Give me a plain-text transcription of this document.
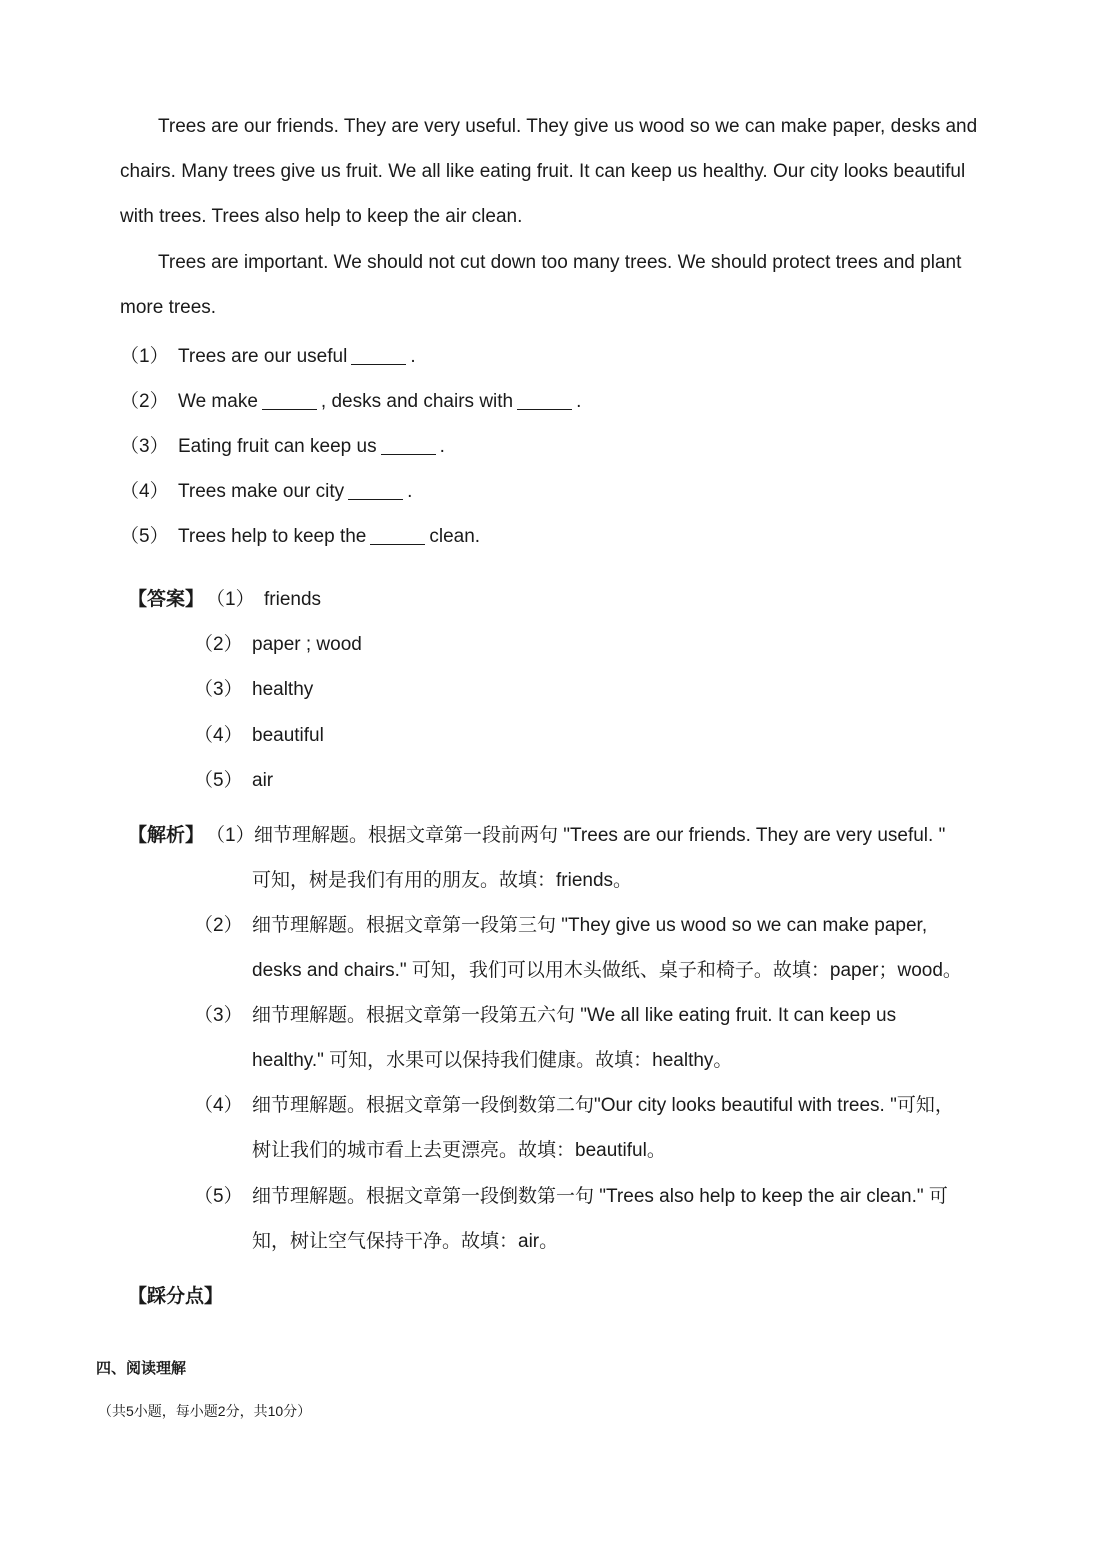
Trees are our friends. They are very useful. They give us wood so we can make paper, desks and
chairs. Many trees give us fruit. We all like eating fruit. It can keep us healthy. Our city looks beautiful
with trees. Trees also help to keep the air clean.
Trees are important. We should not cut down too many trees. We should protect trees and plant
more trees.
（1） Trees are our useful	.
（2） We make	, desks and chairs with	.
（3） Eating fruit can keep us	.
（4） Trees make our city	.
（5） Trees help to keep the	clean.
【答案】 （1） friends
（2） paper ; wood
（3） healthy
（4） beautiful
（5） air
【解析】 （1）细节理解题。根据文章第一段前两句 "Trees are our friends. They are very useful. "
可知，树是我们有用的朋友。故填：friends。
（2） 细节理解题。根据文章第一段第三句 "They give us wood so we can make paper,
desks and chairs." 可知，我们可以用木头做纸、桌子和椅子。故填：paper；wood。
（3） 细节理解题。根据文章第一段第五六句 "We all like eating fruit. It can keep us
healthy." 可知，水果可以保持我们健康。故填：healthy。
（4） 细节理解题。根据文章第一段倒数第二句"Our city looks beautiful with trees. "可知，
树让我们的城市看上去更漂亮。故填：beautiful。
（5） 细节理解题。根据文章第一段倒数第一句 "Trees also help to keep the air clean." 可
知，树让空气保持干净。故填：air。
【踩分点】
四、阅读理解
（共5小题，每小题2分，共10分）
